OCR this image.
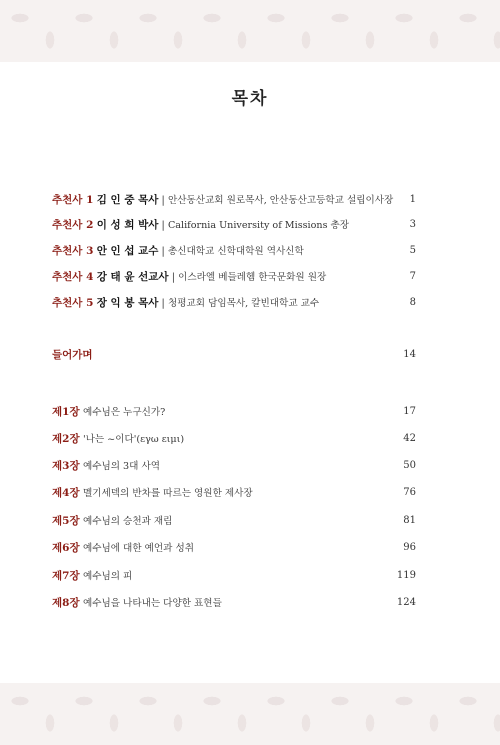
목차
추천사 1 김 인 중 목사 | 안산동산교회 원로목사, 안산동산고등학교 설립이사장 1
추천사 2 이 성 희 박사 | California University of Missions 총장	3
추천사 3 안 인 섭 교수 | 총신대학교 신학대학원 역사신학	5
추천사 4 강 태 윤 선교사 | 이스라엘 베들레헴 한국문화원 원장	7
추천사 5 장 익 봉 목사 | 청평교회 담임목사, 칼빈대학교 교수	8
들어가며	14
제1장 예수님은 누구신가?	17
제2장 '나는 ~이다'(εγω ειμι)	42
제3장 예수님의 3대 사역	50
제4장 멜기세덱의 반차를 따르는 영원한 제사장	76
제5장 예수님의 승천과 재림	81
제6장 예수님에 대한 예언과 성취	96
제7장 예수님의 피	119
제8장 예수님을 나타내는 다양한 표현들	124
